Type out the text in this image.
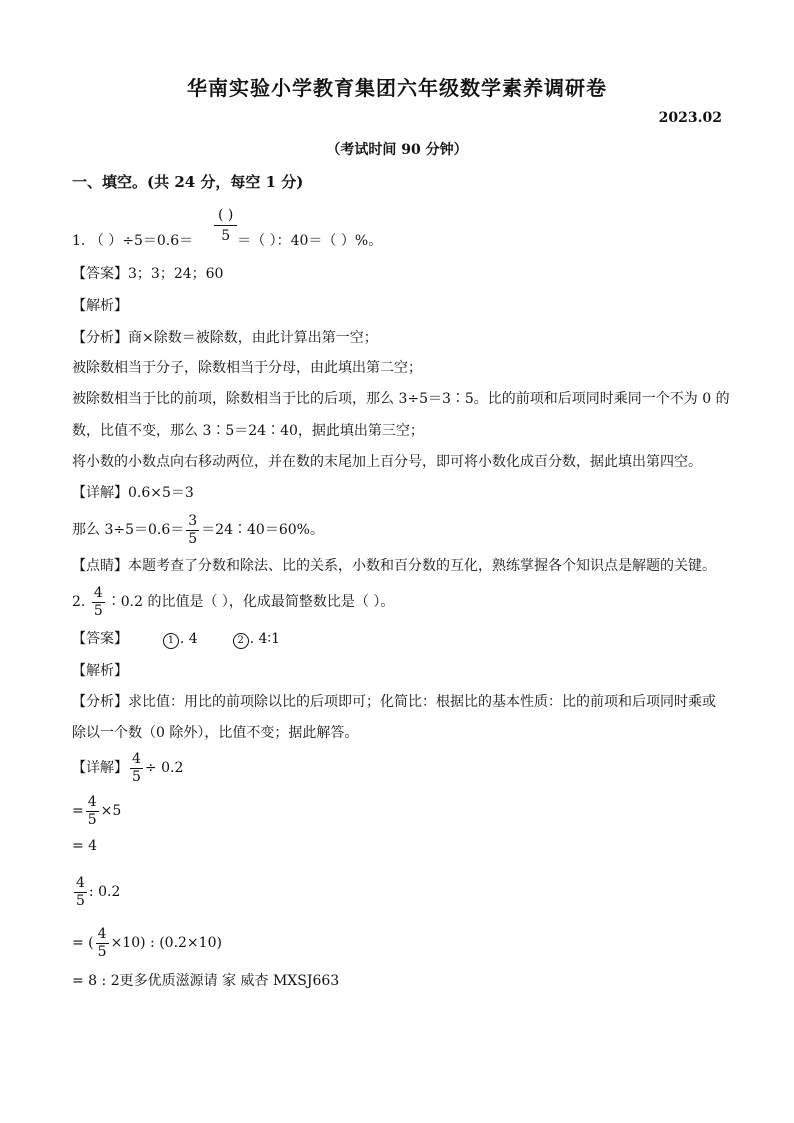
华南实验小学教育集团六年级数学素养调研卷
2023.02
（考试时间 90 分钟）
一、填空。(共 24 分，每空 1 分)
( )
5
1. （ ）÷5＝0.6＝	＝（ ）：40＝（ ）%。
【答案】3；3；24；60
【解析】
【分析】商×除数＝被除数，由此计算出第一空；
被除数相当于分子，除数相当于分母，由此填出第二空；
被除数相当于比的前项，除数相当于比的后项，那么 3÷5＝3∶5。比的前项和后项同时乘同一个不为 0 的
数，比值不变，那么 3∶5＝24∶40，据此填出第三空；
将小数的小数点向右移动两位，并在数的末尾加上百分号，即可将小数化成百分数，据此填出第四空。
【详解】0.6×5＝3
那么 $3\div 5=0.6= \frac{3}{5}$ ＝24∶40＝60%。
【点睛】本题考查了分数和除法、比的关系，小数和百分数的互化，熟练掌握各个知识点是解题的关键。
2. $\frac{4}{5}$ ∶0.2 的比值是（ ），化成最简整数比是（ ）。
【答案】	1 . 4	2 . 4∶1
【解析】
【分析】求比值：用比的前项除以比的后项即可；化简比：根据比的基本性质：比的前项和后项同时乘或
除以一个数（0 除外），比值不变；据此解答。
【详解】 $\frac{4}{5} \div 0.2$
= $\frac{4}{5} \times 5$
= 4
$\frac{4}{5}$ : 0.2
= ( $\frac{4}{5} \times 10$) : (0.2×10)
= 8 : 2更多优质滋源请 家 威杏 MXSJ663
